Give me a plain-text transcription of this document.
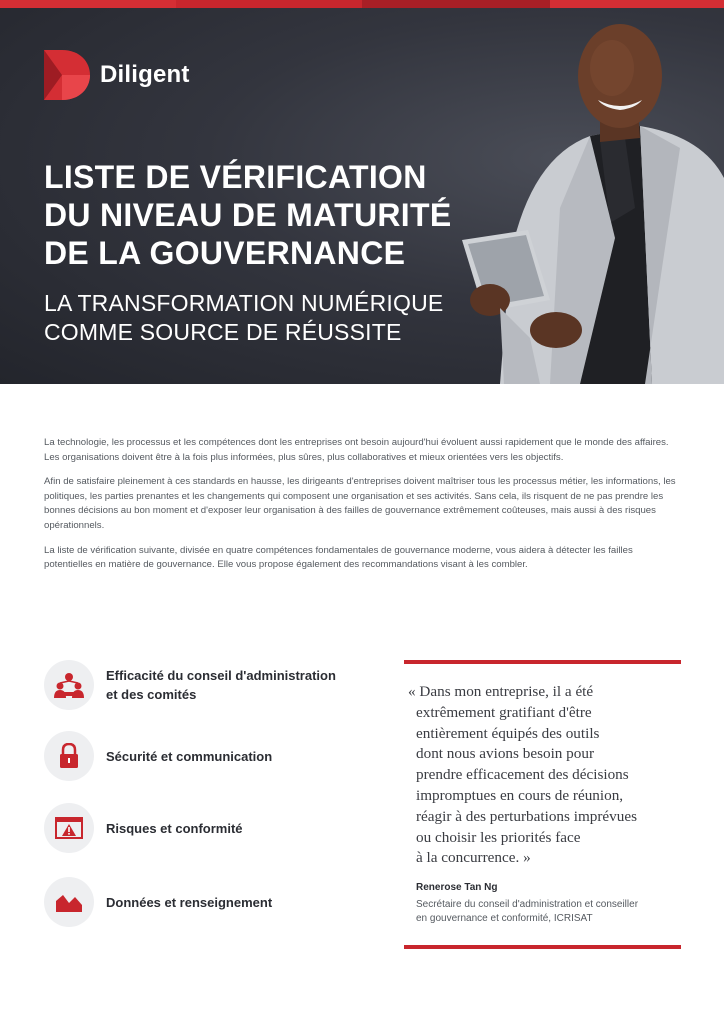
Diligent
LISTE DE VÉRIFICATION
DU NIVEAU DE MATURITÉ
DE LA GOUVERNANCE
LA TRANSFORMATION NUMÉRIQUE
COMME SOURCE DE RÉUSSITE

La technologie, les processus et les compétences dont les entreprises ont besoin aujourd'hui évoluent aussi rapidement que le monde des affaires. Les organisations doivent être à la fois plus informées, plus sûres, plus collaboratives et mieux orientées vers les objectifs.

Afin de satisfaire pleinement à ces standards en hausse, les dirigeants d'entreprises doivent maîtriser tous les processus métier, les informations, les politiques, les parties prenantes et les changements qui composent une organisation et ses activités. Sans cela, ils risquent de ne pas prendre les bonnes décisions au bon moment et d'exposer leur organisation à des failles de gouvernance extrêmement coûteuses, mais aussi à des risques opérationnels.

La liste de vérification suivante, divisée en quatre compétences fondamentales de gouvernance moderne, vous aidera à détecter les failles potentielles en matière de gouvernance. Elle vous propose également des recommandations visant à les combler.

Efficacité du conseil d'administration
et des comités
Sécurité et communication
Risques et conformité
Données et renseignement
« Dans mon entreprise, il a été
extrêmement gratifiant d'être
entièrement équipés des outils
dont nous avions besoin pour
prendre efficacement des décisions
impromptues en cours de réunion,
réagir à des perturbations imprévues
ou choisir les priorités face
à la concurrence. »
Renerose Tan Ng
Secrétaire du conseil d'administration et conseiller
en gouvernance et conformité, ICRISAT
